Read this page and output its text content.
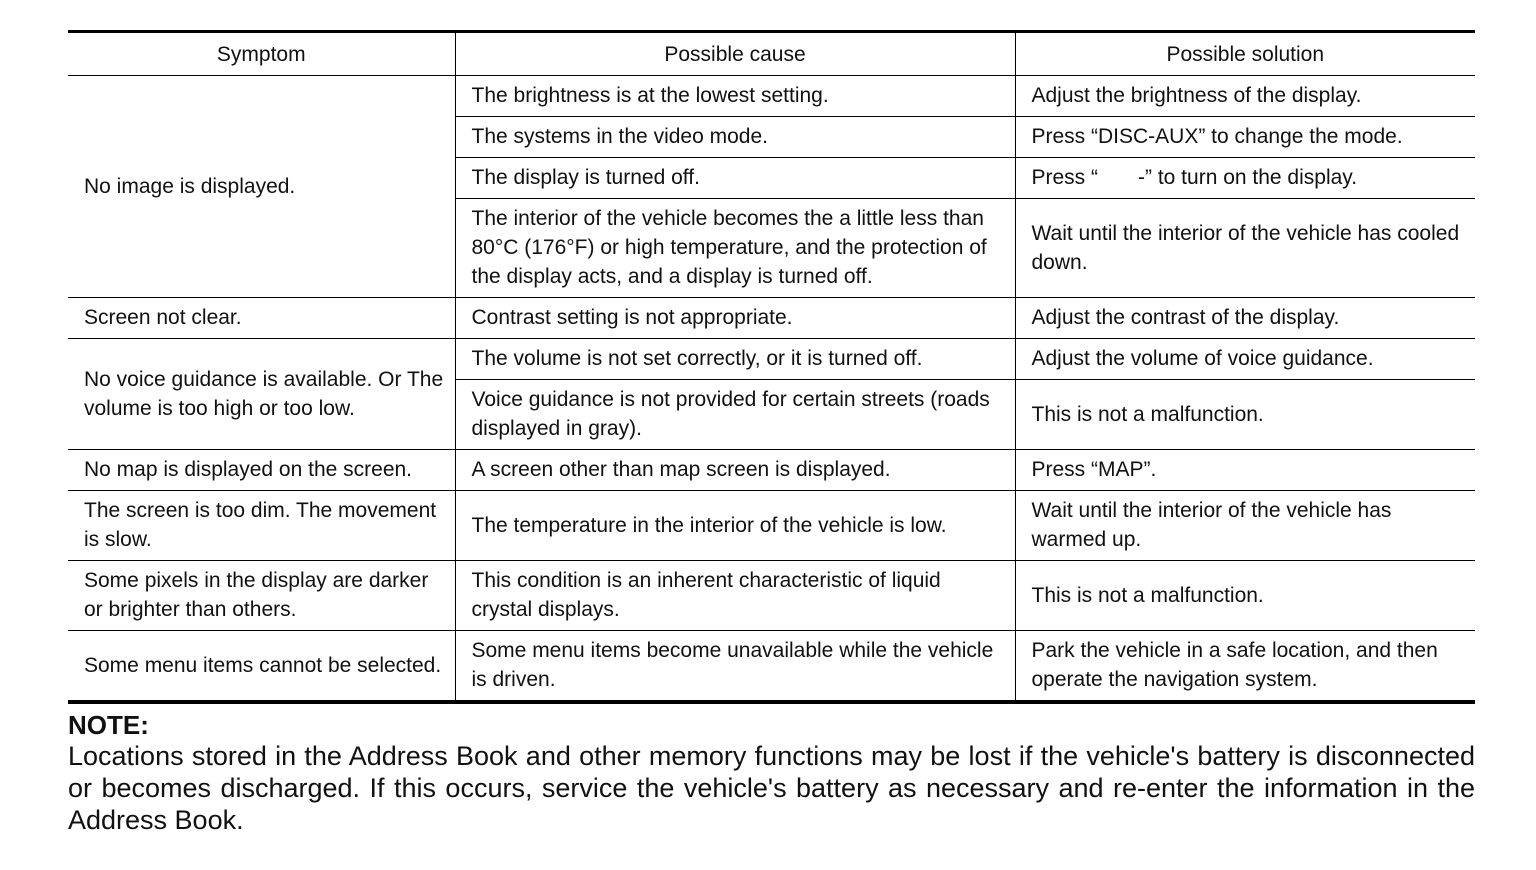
Symptom	Possible cause	Possible solution
No image is displayed.	The brightness is at the lowest setting.	Adjust the brightness of the display.
	The systems in the video mode.	Press “DISC-AUX” to change the mode.
	The display is turned off.	Press “ -” to turn on the display.
	The interior of the vehicle becomes the a little less than 80°C (176°F) or high temperature, and the protection of the display acts, and a display is turned off.	Wait until the interior of the vehicle has cooled down.
Screen not clear.	Contrast setting is not appropriate.	Adjust the contrast of the display.
No voice guidance is available. Or The volume is too high or too low.	The volume is not set correctly, or it is turned off.	Adjust the volume of voice guidance.
	Voice guidance is not provided for certain streets (roads displayed in gray).	This is not a malfunction.
No map is displayed on the screen.	A screen other than map screen is displayed.	Press “MAP”.
The screen is too dim. The movement is slow.	The temperature in the interior of the vehicle is low.	Wait until the interior of the vehicle has warmed up.
Some pixels in the display are darker or brighter than others.	This condition is an inherent characteristic of liquid crystal displays.	This is not a malfunction.
Some menu items cannot be selected.	Some menu items become unavailable while the vehicle is driven.	Park the vehicle in a safe location, and then operate the navigation system.
NOTE:
Locations stored in the Address Book and other memory functions may be lost if the vehicle's battery is disconnected or becomes discharged. If this occurs, service the vehicle's battery as necessary and re-enter the information in the Address Book.
